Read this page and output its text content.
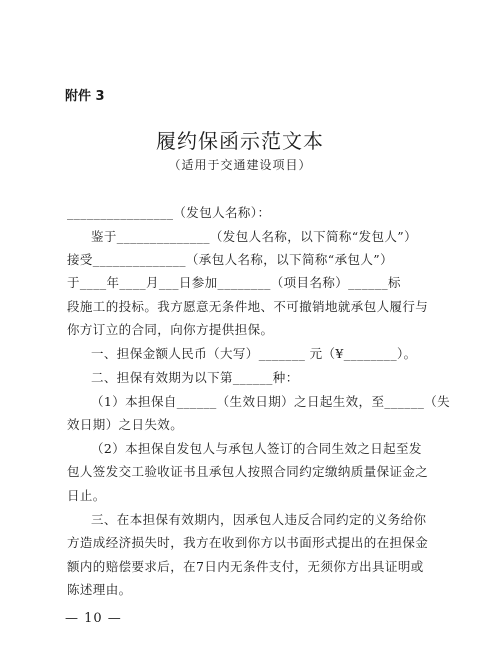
附件 3
履约保函示范文本
（适用于交通建设项目）
________________（发包人名称）：
鉴于______________（发包人名称，以下简称“发包人”）
接受______________（承包人名称，以下简称“承包人”）
于____年____月___日参加________（项目名称）______标
段施工的投标。我方愿意无条件地、不可撤销地就承包人履行与
你方订立的合同，向你方提供担保。
一、担保金额人民币（大写）_______ 元（¥________）。
二、担保有效期为以下第______种：
（1）本担保自______（生效日期）之日起生效，至______（失
效日期）之日失效。
（2）本担保自发包人与承包人签订的合同生效之日起至发
包人签发交工验收证书且承包人按照合同约定缴纳质量保证金之
日止。
三、在本担保有效期内，因承包人违反合同约定的义务给你
方造成经济损失时，我方在收到你方以书面形式提出的在担保金
额内的赔偿要求后，在7日内无条件支付，无须你方出具证明或
陈述理由。
— 10 —
